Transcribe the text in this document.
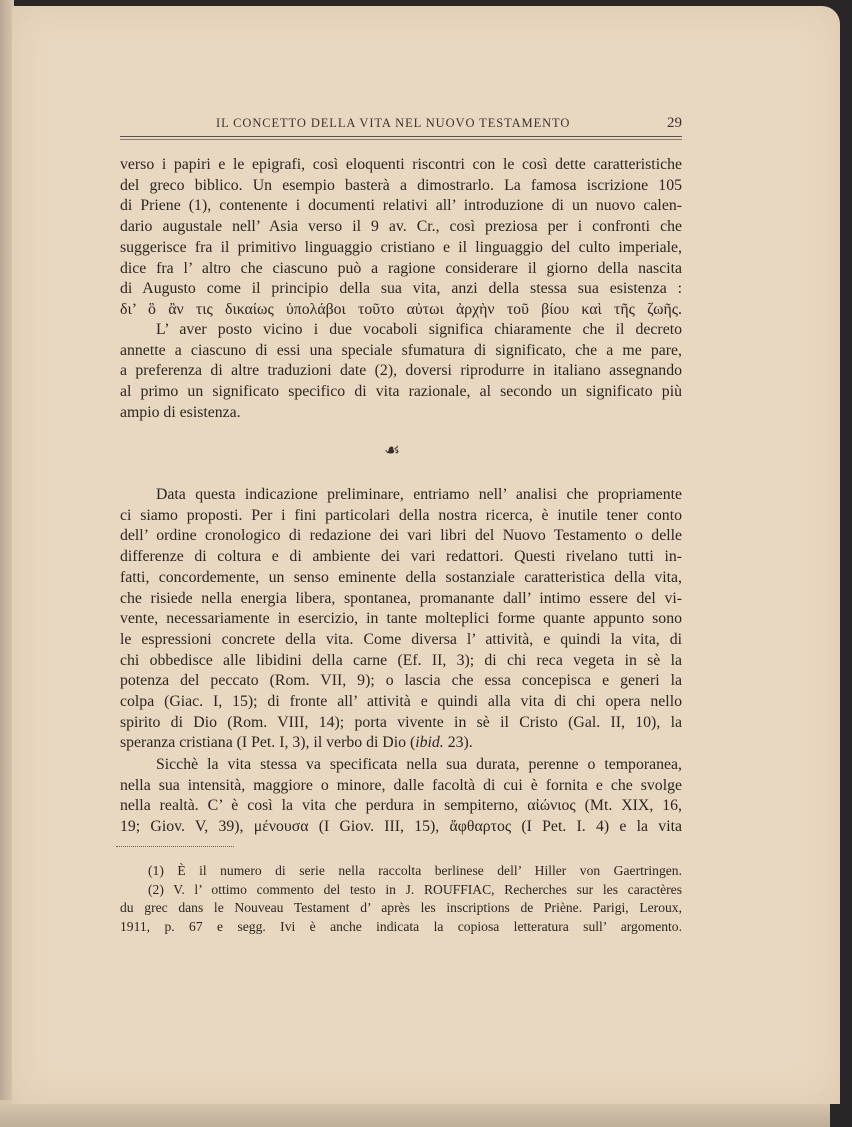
IL CONCETTO DELLA VITA NEL NUOVO TESTAMENTO	29
verso i papiri e le epigrafi, così eloquenti riscontri con le così dette caratteristiche
del greco biblico. Un esempio basterà a dimostrarlo. La famosa iscrizione 105
di Priene (1), contenente i documenti relativi all’ introduzione di un nuovo calen-
dario augustale nell’ Asia verso il 9 av. Cr., così preziosa per i confronti che
suggerisce fra il primitivo linguaggio cristiano e il linguaggio del culto imperiale,
dice fra l’ altro che ciascuno può a ragione considerare il giorno della nascita
di Augusto come il principio della sua vita, anzi della stessa sua esistenza :
δι’ ὃ ἂν τις δικαίως ὑπολάβοι τοῦτο αὐτωι ἀρχὴν τοῦ βίου καὶ τῆς ζωῆς.
L’ aver posto vicino i due vocaboli significa chiaramente che il decreto
annette a ciascuno di essi una speciale sfumatura di significato, che a me pare,
a preferenza di altre traduzioni date (2), doversi riprodurre in italiano assegnando
al primo un significato specifico di vita razionale, al secondo un significato più
ampio di esistenza.
☙
Data questa indicazione preliminare, entriamo nell’ analisi che propriamente
ci siamo proposti. Per i fini particolari della nostra ricerca, è inutile tener conto
dell’ ordine cronologico di redazione dei vari libri del Nuovo Testamento o delle
differenze di coltura e di ambiente dei vari redattori. Questi rivelano tutti in-
fatti, concordemente, un senso eminente della sostanziale caratteristica della vita,
che risiede nella energia libera, spontanea, promanante dall’ intimo essere del vi-
vente, necessariamente in esercizio, in tante molteplici forme quante appunto sono
le espressioni concrete della vita. Come diversa l’ attività, e quindi la vita, di
chi obbedisce alle libidini della carne (Ef. II, 3); di chi reca vegeta in sè la
potenza del peccato (Rom. VII, 9); o lascia che essa concepisca e generi la
colpa (Giac. I, 15); di fronte all’ attività e quindi alla vita di chi opera nello
spirito di Dio (Rom. VIII, 14); porta vivente in sè il Cristo (Gal. II, 10), la
speranza cristiana (I Pet. I, 3), il verbo di Dio (ibid. 23).
Sicchè la vita stessa va specificata nella sua durata, perenne o temporanea,
nella sua intensità, maggiore o minore, dalle facoltà di cui è fornita e che svolge
nella realtà. C’ è così la vita che perdura in sempiterno, αἰώνιος (Mt. XIX, 16,
19; Giov. V, 39), μένουσα (I Giov. III, 15), ἄφθαρτος (I Pet. I. 4) e la vita
(1) È il numero di serie nella raccolta berlinese dell’ Hiller von Gaertringen.
(2) V. l’ ottimo commento del testo in J. ROUFFIAC, Recherches sur les caractères
du grec dans le Nouveau Testament d’ après les inscriptions de Priène. Parigi, Leroux,
1911, p. 67 e segg. Ivi è anche indicata la copiosa letteratura sull’ argomento.
